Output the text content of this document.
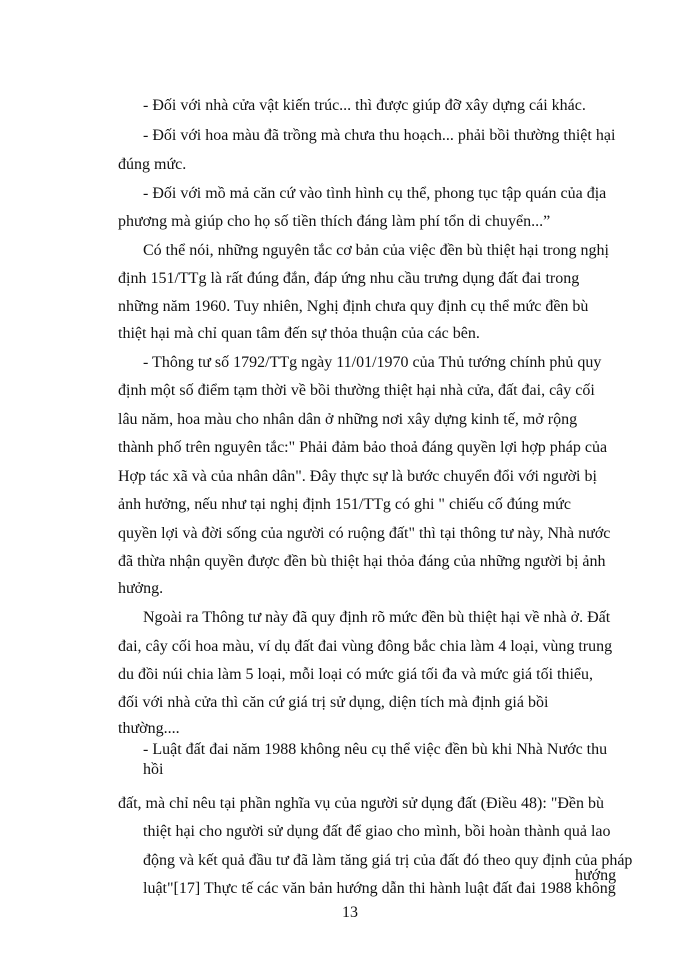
- Đối với nhà cửa vật kiến trúc... thì được giúp đỡ xây dựng cái khác.
- Đối với hoa màu đã trồng mà chưa thu hoạch... phải bồi thường thiệt hại
đúng mức.
- Đối với mồ mả căn cứ vào tình hình cụ thể, phong tục tập quán của địa
phương mà giúp cho họ số tiền thích đáng làm phí tổn di chuyển...”
Có thể nói, những nguyên tắc cơ bản của việc đền bù thiệt hại trong nghị
định 151/TTg là rất đúng đắn, đáp ứng nhu cầu trưng dụng đất đai trong
những năm 1960. Tuy nhiên, Nghị định chưa quy định cụ thể mức đền bù
thiệt hại mà chỉ quan tâm đến sự thỏa thuận của các bên.
- Thông tư số 1792/TTg ngày 11/01/1970 của Thủ tướng chính phủ quy
định một số điểm tạm thời về bồi thường thiệt hại nhà cửa, đất đai, cây cối
lâu năm, hoa màu cho nhân dân ở những nơi xây dựng kinh tế, mở rộng
thành phố trên nguyên tắc:" Phải đảm bảo thoả đáng quyền lợi hợp pháp của
Hợp tác xã và của nhân dân". Đây thực sự là bước chuyển đổi với người bị
ảnh hưởng, nếu như tại nghị định 151/TTg có ghi " chiếu cố đúng mức
quyền lợi và đời sống của người có ruộng đất" thì tại thông tư này, Nhà nước
đã thừa nhận quyền được đền bù thiệt hại thỏa đáng của những người bị ảnh
hưởng.
Ngoài ra Thông tư này đã quy định rõ mức đền bù thiệt hại về nhà ở. Đất
đai, cây cối hoa màu, ví dụ đất đai vùng đông bắc chia làm 4 loại, vùng trung
du đồi núi chia làm 5 loại, mỗi loại có mức giá tối đa và mức giá tối thiểu,
đối với nhà cửa thì căn cứ giá trị sử dụng, diện tích mà định giá bồi
thường....
- Luật đất đai năm 1988 không nêu cụ thể việc đền bù khi Nhà Nước thu
hồi
đất, mà chỉ nêu tại phần nghĩa vụ của người sử dụng đất (Điều 48): "Đền bù
thiệt hại cho người sử dụng đất để giao cho mình, bồi hoàn thành quả lao
động và kết quả đầu tư đã làm tăng giá trị của đất đó theo quy định của pháp
luật"[17] Thực tế các văn bản hướng dẫn thi hành luật đất đai 1988 không
hướng
13
